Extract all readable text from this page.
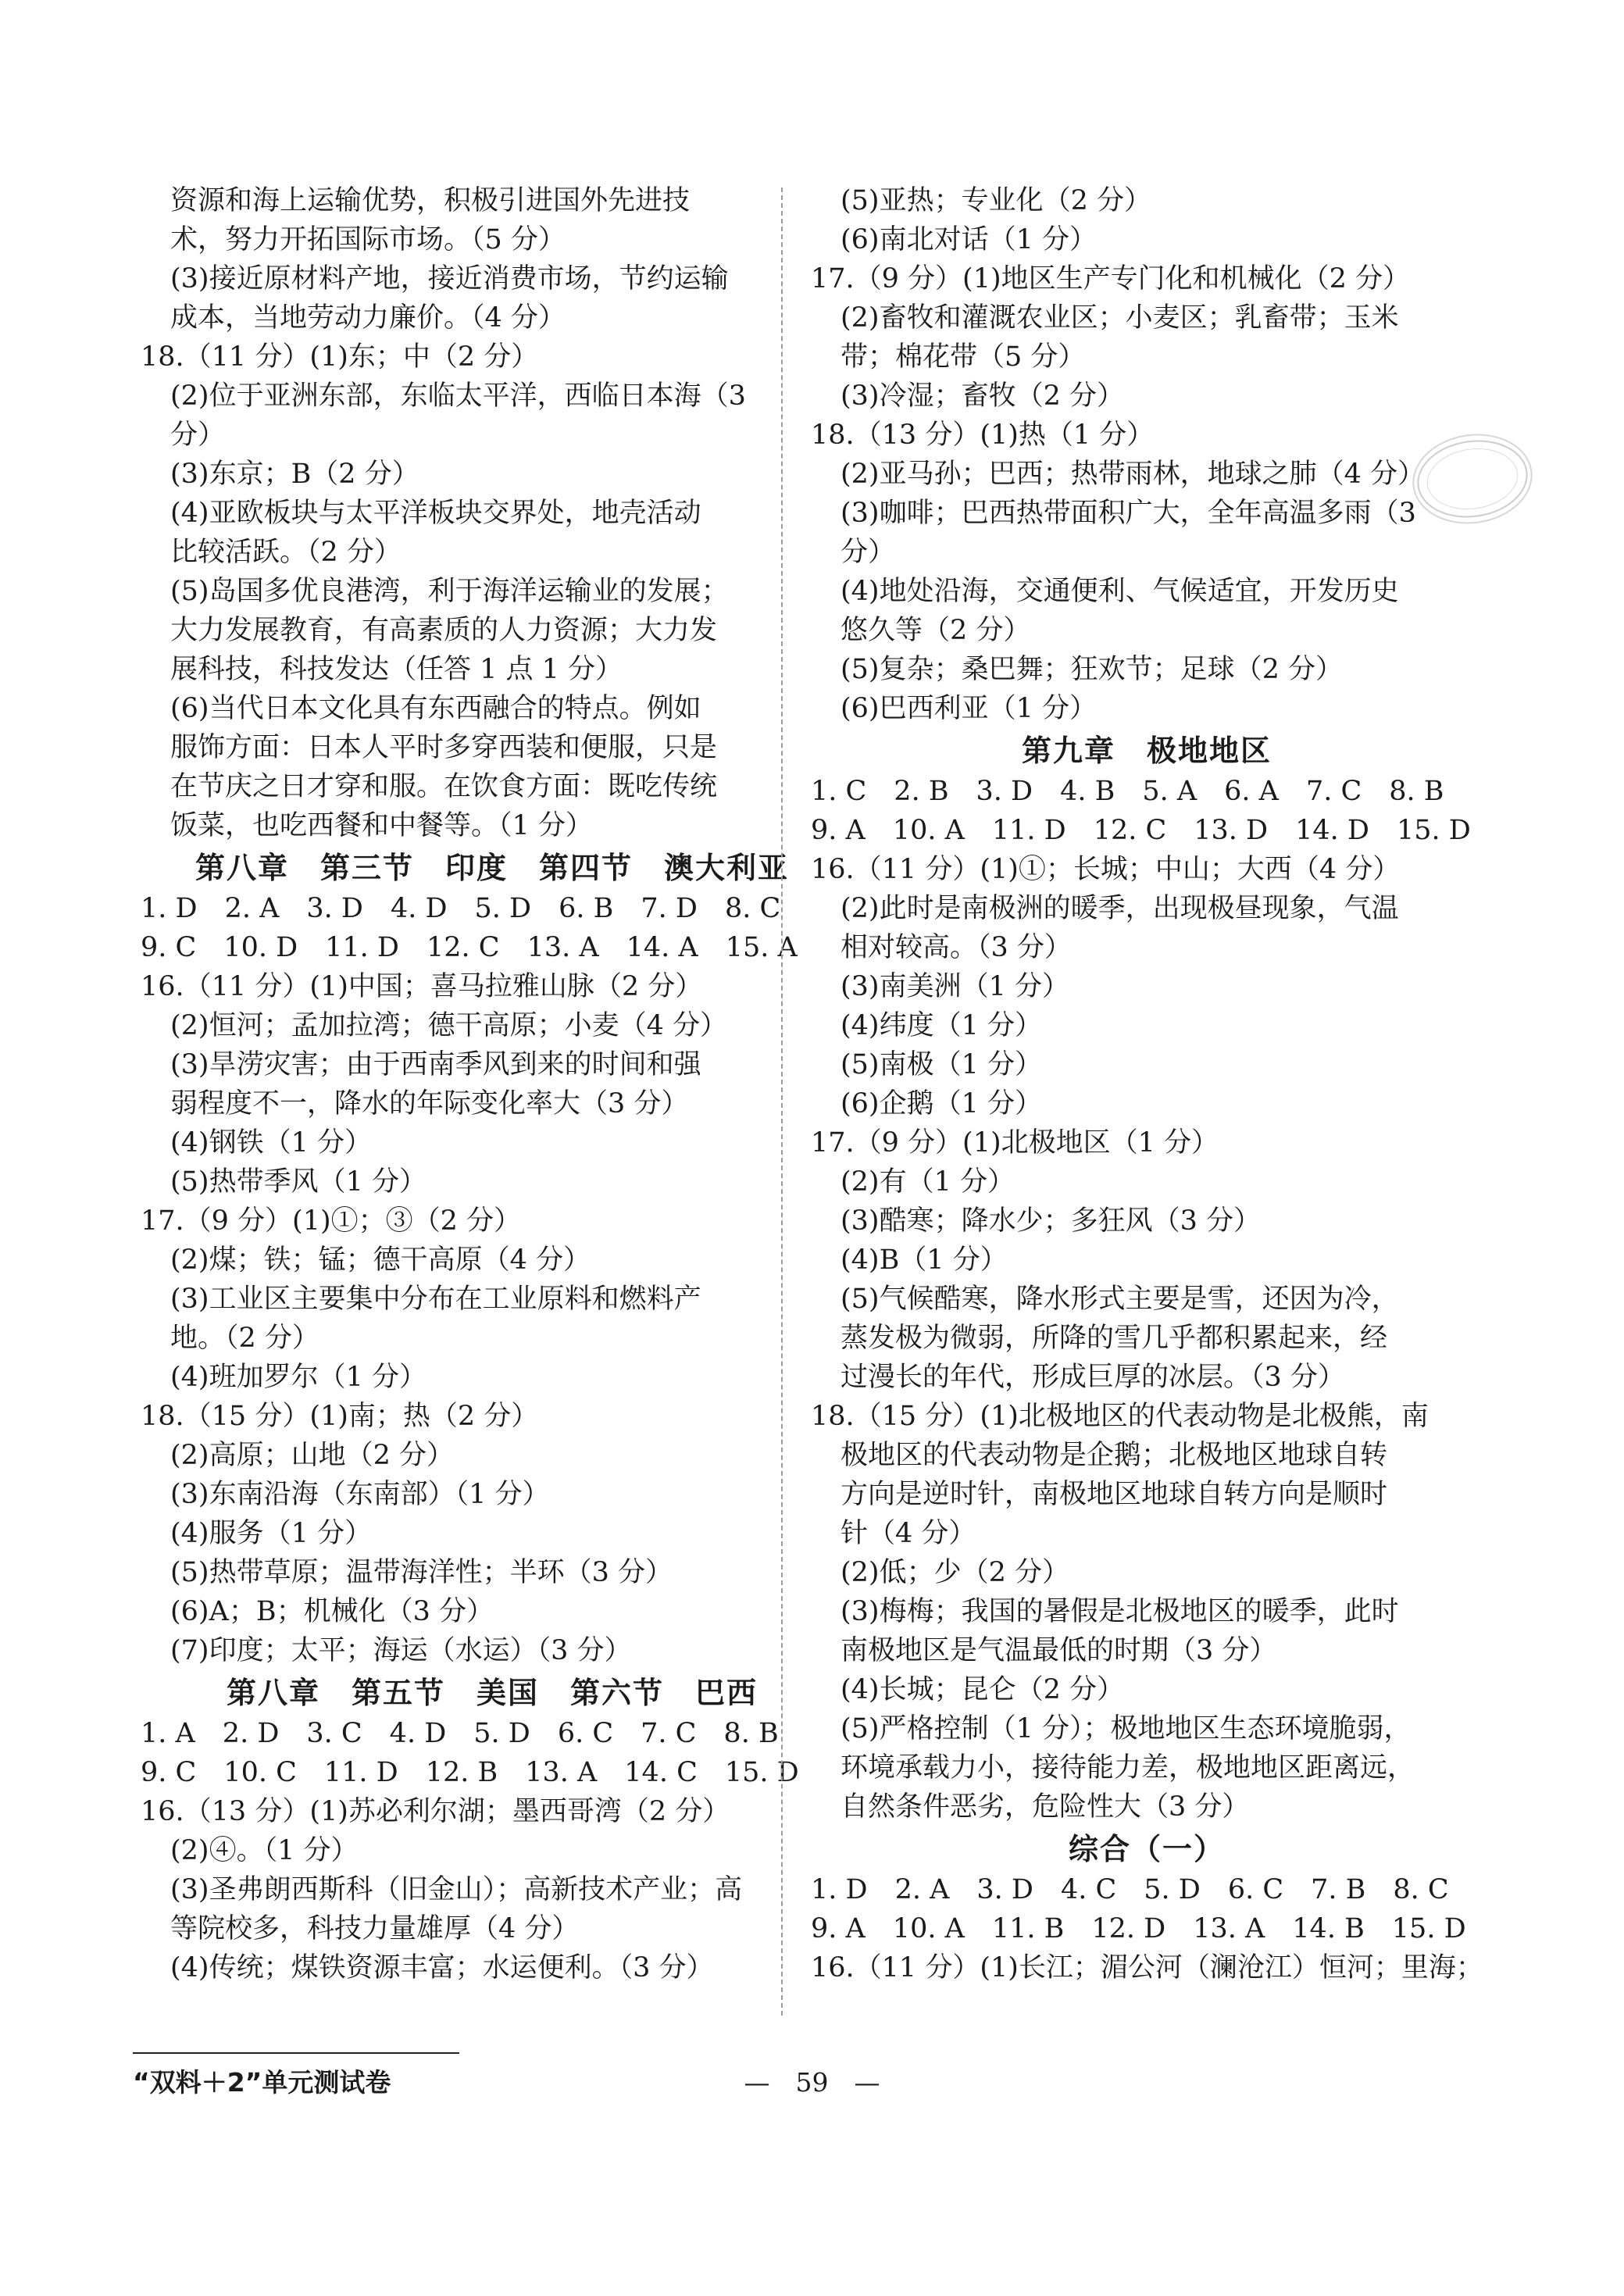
资源和海上运输优势，积极引进国外先进技
术，努力开拓国际市场。（5 分）
(3)接近原材料产地，接近消费市场，节约运输
成本，当地劳动力廉价。（4 分）
18.（11 分）(1)东；中（2 分）
(2)位于亚洲东部，东临太平洋，西临日本海（3
分）
(3)东京；B（2 分）
(4)亚欧板块与太平洋板块交界处，地壳活动
比较活跃。（2 分）
(5)岛国多优良港湾，利于海洋运输业的发展；
大力发展教育，有高素质的人力资源；大力发
展科技，科技发达（任答 1 点 1 分）
(6)当代日本文化具有东西融合的特点。例如
服饰方面：日本人平时多穿西装和便服，只是
在节庆之日才穿和服。在饮食方面：既吃传统
饭菜，也吃西餐和中餐等。（1 分）
第八章　第三节　印度　第四节　澳大利亚
1. D　2. A　3. D　4. D　5. D　6. B　7. D　8. C
9. C　10. D　11. D　12. C　13. A　14. A　15. A
16.（11 分）(1)中国；喜马拉雅山脉（2 分）
(2)恒河；孟加拉湾；德干高原；小麦（4 分）
(3)旱涝灾害；由于西南季风到来的时间和强
弱程度不一，降水的年际变化率大（3 分）
(4)钢铁（1 分）
(5)热带季风（1 分）
17.（9 分）(1)①；③（2 分）
(2)煤；铁；锰；德干高原（4 分）
(3)工业区主要集中分布在工业原料和燃料产
地。（2 分）
(4)班加罗尔（1 分）
18.（15 分）(1)南；热（2 分）
(2)高原；山地（2 分）
(3)东南沿海（东南部）（1 分）
(4)服务（1 分）
(5)热带草原；温带海洋性；半环（3 分）
(6)A；B；机械化（3 分）
(7)印度；太平；海运（水运）（3 分）
第八章　第五节　美国　第六节　巴西
1. A　2. D　3. C　4. D　5. D　6. C　7. C　8. B
9. C　10. C　11. D　12. B　13. A　14. C　15. D
16.（13 分）(1)苏必利尔湖；墨西哥湾（2 分）
(2)④。（1 分）
(3)圣弗朗西斯科（旧金山）；高新技术产业；高
等院校多，科技力量雄厚（4 分）
(4)传统；煤铁资源丰富；水运便利。（3 分）
(5)亚热；专业化（2 分）
(6)南北对话（1 分）
17.（9 分）(1)地区生产专门化和机械化（2 分）
(2)畜牧和灌溉农业区；小麦区；乳畜带；玉米
带；棉花带（5 分）
(3)冷湿；畜牧（2 分）
18.（13 分）(1)热（1 分）
(2)亚马孙；巴西；热带雨林，地球之肺（4 分）
(3)咖啡；巴西热带面积广大，全年高温多雨（3
分）
(4)地处沿海，交通便利、气候适宜，开发历史
悠久等（2 分）
(5)复杂；桑巴舞；狂欢节；足球（2 分）
(6)巴西利亚（1 分）
第九章　极地地区
1. C　2. B　3. D　4. B　5. A　6. A　7. C　8. B
9. A　10. A　11. D　12. C　13. D　14. D　15. D
16.（11 分）(1)①；长城；中山；大西（4 分）
(2)此时是南极洲的暖季，出现极昼现象，气温
相对较高。（3 分）
(3)南美洲（1 分）
(4)纬度（1 分）
(5)南极（1 分）
(6)企鹅（1 分）
17.（9 分）(1)北极地区（1 分）
(2)有（1 分）
(3)酷寒；降水少；多狂风（3 分）
(4)B（1 分）
(5)气候酷寒，降水形式主要是雪，还因为冷，
蒸发极为微弱，所降的雪几乎都积累起来，经
过漫长的年代，形成巨厚的冰层。（3 分）
18.（15 分）(1)北极地区的代表动物是北极熊，南
极地区的代表动物是企鹅；北极地区地球自转
方向是逆时针，南极地区地球自转方向是顺时
针（4 分）
(2)低；少（2 分）
(3)梅梅；我国的暑假是北极地区的暖季，此时
南极地区是气温最低的时期（3 分）
(4)长城；昆仑（2 分）
(5)严格控制（1 分）；极地地区生态环境脆弱，
环境承载力小，接待能力差，极地地区距离远，
自然条件恶劣，危险性大（3 分）
综合（一）
1. D　2. A　3. D　4. C　5. D　6. C　7. B　8. C
9. A　10. A　11. B　12. D　13. A　14. B　15. D
16.（11 分）(1)长江；湄公河（澜沧江）恒河；里海；
“双料＋2”单元测试卷	—　59　—
